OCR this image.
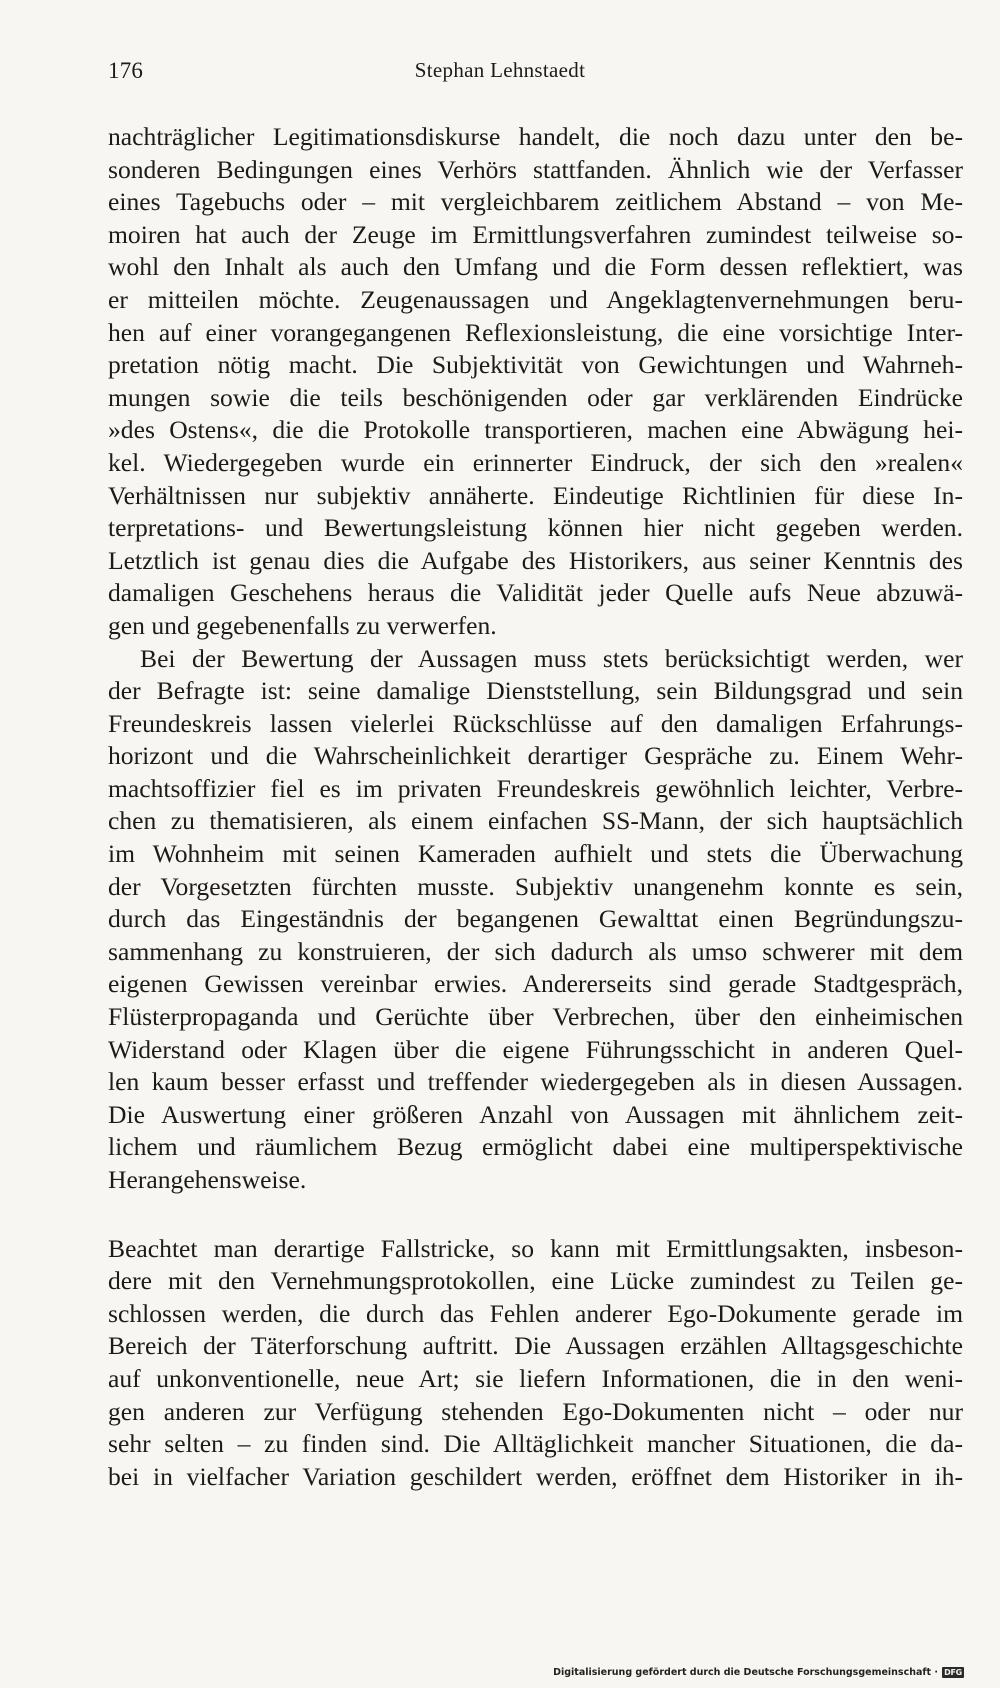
176	Stephan Lehnstaedt
nachträglicher Legitimationsdiskurse handelt, die noch dazu unter den be-
sonderen Bedingungen eines Verhörs stattfanden. Ähnlich wie der Verfasser
eines Tagebuchs oder – mit vergleichbarem zeitlichem Abstand – von Me-
moiren hat auch der Zeuge im Ermittlungsverfahren zumindest teilweise so-
wohl den Inhalt als auch den Umfang und die Form dessen reflektiert, was
er mitteilen möchte. Zeugenaussagen und Angeklagtenvernehmungen beru-
hen auf einer vorangegangenen Reflexionsleistung, die eine vorsichtige Inter-
pretation nötig macht. Die Subjektivität von Gewichtungen und Wahrneh-
mungen sowie die teils beschönigenden oder gar verklärenden Eindrücke
»des Ostens«, die die Protokolle transportieren, machen eine Abwägung hei-
kel. Wiedergegeben wurde ein erinnerter Eindruck, der sich den »realen«
Verhältnissen nur subjektiv annäherte. Eindeutige Richtlinien für diese In-
terpretations- und Bewertungsleistung können hier nicht gegeben werden.
Letztlich ist genau dies die Aufgabe des Historikers, aus seiner Kenntnis des
damaligen Geschehens heraus die Validität jeder Quelle aufs Neue abzuwä-
gen und gegebenenfalls zu verwerfen.
Bei der Bewertung der Aussagen muss stets berücksichtigt werden, wer
der Befragte ist: seine damalige Dienststellung, sein Bildungsgrad und sein
Freundeskreis lassen vielerlei Rückschlüsse auf den damaligen Erfahrungs-
horizont und die Wahrscheinlichkeit derartiger Gespräche zu. Einem Wehr-
machtsoffizier fiel es im privaten Freundeskreis gewöhnlich leichter, Verbre-
chen zu thematisieren, als einem einfachen SS-Mann, der sich hauptsächlich
im Wohnheim mit seinen Kameraden aufhielt und stets die Überwachung
der Vorgesetzten fürchten musste. Subjektiv unangenehm konnte es sein,
durch das Eingeständnis der begangenen Gewalttat einen Begründungszu-
sammenhang zu konstruieren, der sich dadurch als umso schwerer mit dem
eigenen Gewissen vereinbar erwies. Andererseits sind gerade Stadtgespräch,
Flüsterpropaganda und Gerüchte über Verbrechen, über den einheimischen
Widerstand oder Klagen über die eigene Führungsschicht in anderen Quel-
len kaum besser erfasst und treffender wiedergegeben als in diesen Aussagen.
Die Auswertung einer größeren Anzahl von Aussagen mit ähnlichem zeit-
lichem und räumlichem Bezug ermöglicht dabei eine multiperspektivische
Herangehensweise.
Beachtet man derartige Fallstricke, so kann mit Ermittlungsakten, insbeson-
dere mit den Vernehmungsprotokollen, eine Lücke zumindest zu Teilen ge-
schlossen werden, die durch das Fehlen anderer Ego-Dokumente gerade im
Bereich der Täterforschung auftritt. Die Aussagen erzählen Alltagsgeschichte
auf unkonventionelle, neue Art; sie liefern Informationen, die in den weni-
gen anderen zur Verfügung stehenden Ego-Dokumenten nicht – oder nur
sehr selten – zu finden sind. Die Alltäglichkeit mancher Situationen, die da-
bei in vielfacher Variation geschildert werden, eröffnet dem Historiker in ih-
Digitalisierung gefördert durch die Deutsche Forschungsgemeinschaft · DFG
